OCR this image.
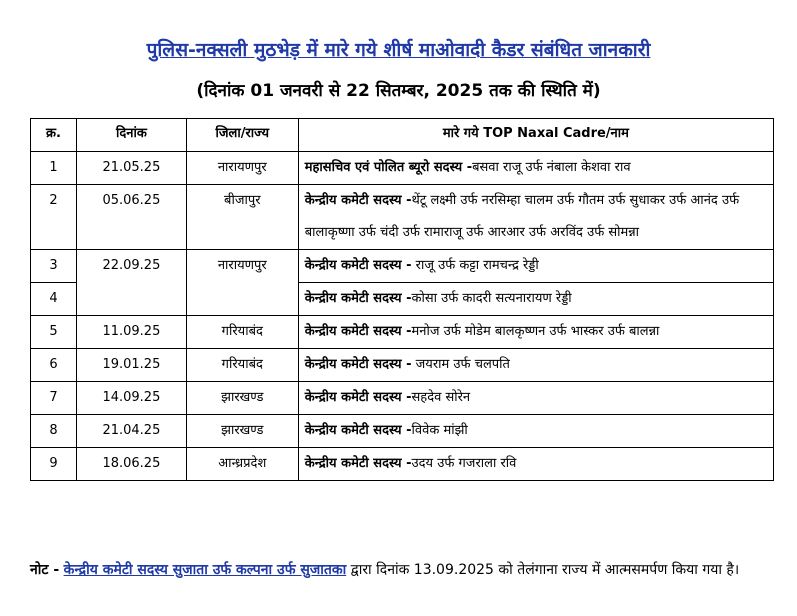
पुलिस-नक्सली मुठभेड़ में मारे गये शीर्ष माओवादी कैडर संबंधित जानकारी
(दिनांक 01 जनवरी से 22 सितम्बर, 2025 तक की स्थिति में)
क्र.	दिनांक	जिला/राज्य	मारे गये TOP Naxal Cadre/नाम
1	21.05.25	नारायणपुर	महासचिव एवं पोलित ब्यूरो सदस्य -बसवा राजू उर्फ नंबाला केशवा राव
2	05.06.25	बीजापुर	केन्द्रीय कमेटी सदस्य -थेंटू लक्ष्मी उर्फ नरसिम्हा चालम उर्फ गौतम उर्फ सुधाकर उर्फ आनंद उर्फ बालाकृष्णा उर्फ चंदी उर्फ रामाराजू उर्फ आरआर उर्फ अरविंद उर्फ सोमन्ना
3	22.09.25	नारायणपुर	केन्द्रीय कमेटी सदस्य - राजू उर्फ कट्टा रामचन्द्र रेड्डी
4			केन्द्रीय कमेटी सदस्य -कोसा उर्फ कादरी सत्यनारायण रेड्डी
5	11.09.25	गरियाबंद	केन्द्रीय कमेटी सदस्य -मनोज उर्फ मोडेम बालकृष्णन उर्फ भास्कर उर्फ बालन्ना
6	19.01.25	गरियाबंद	केन्द्रीय कमेटी सदस्य - जयराम उर्फ चलपति
7	14.09.25	झारखण्ड	केन्द्रीय कमेटी सदस्य -सहदेव सोरेन
8	21.04.25	झारखण्ड	केन्द्रीय कमेटी सदस्य -विवेक मांझी
9	18.06.25	आन्ध्रप्रदेश	केन्द्रीय कमेटी सदस्य -उदय उर्फ गजराला रवि
नोट - केन्द्रीय कमेटी सदस्य सुजाता उर्फ कल्पना उर्फ सुजातका द्वारा दिनांक 13.09.2025 को तेलंगाना राज्य में आत्मसमर्पण किया गया है।
